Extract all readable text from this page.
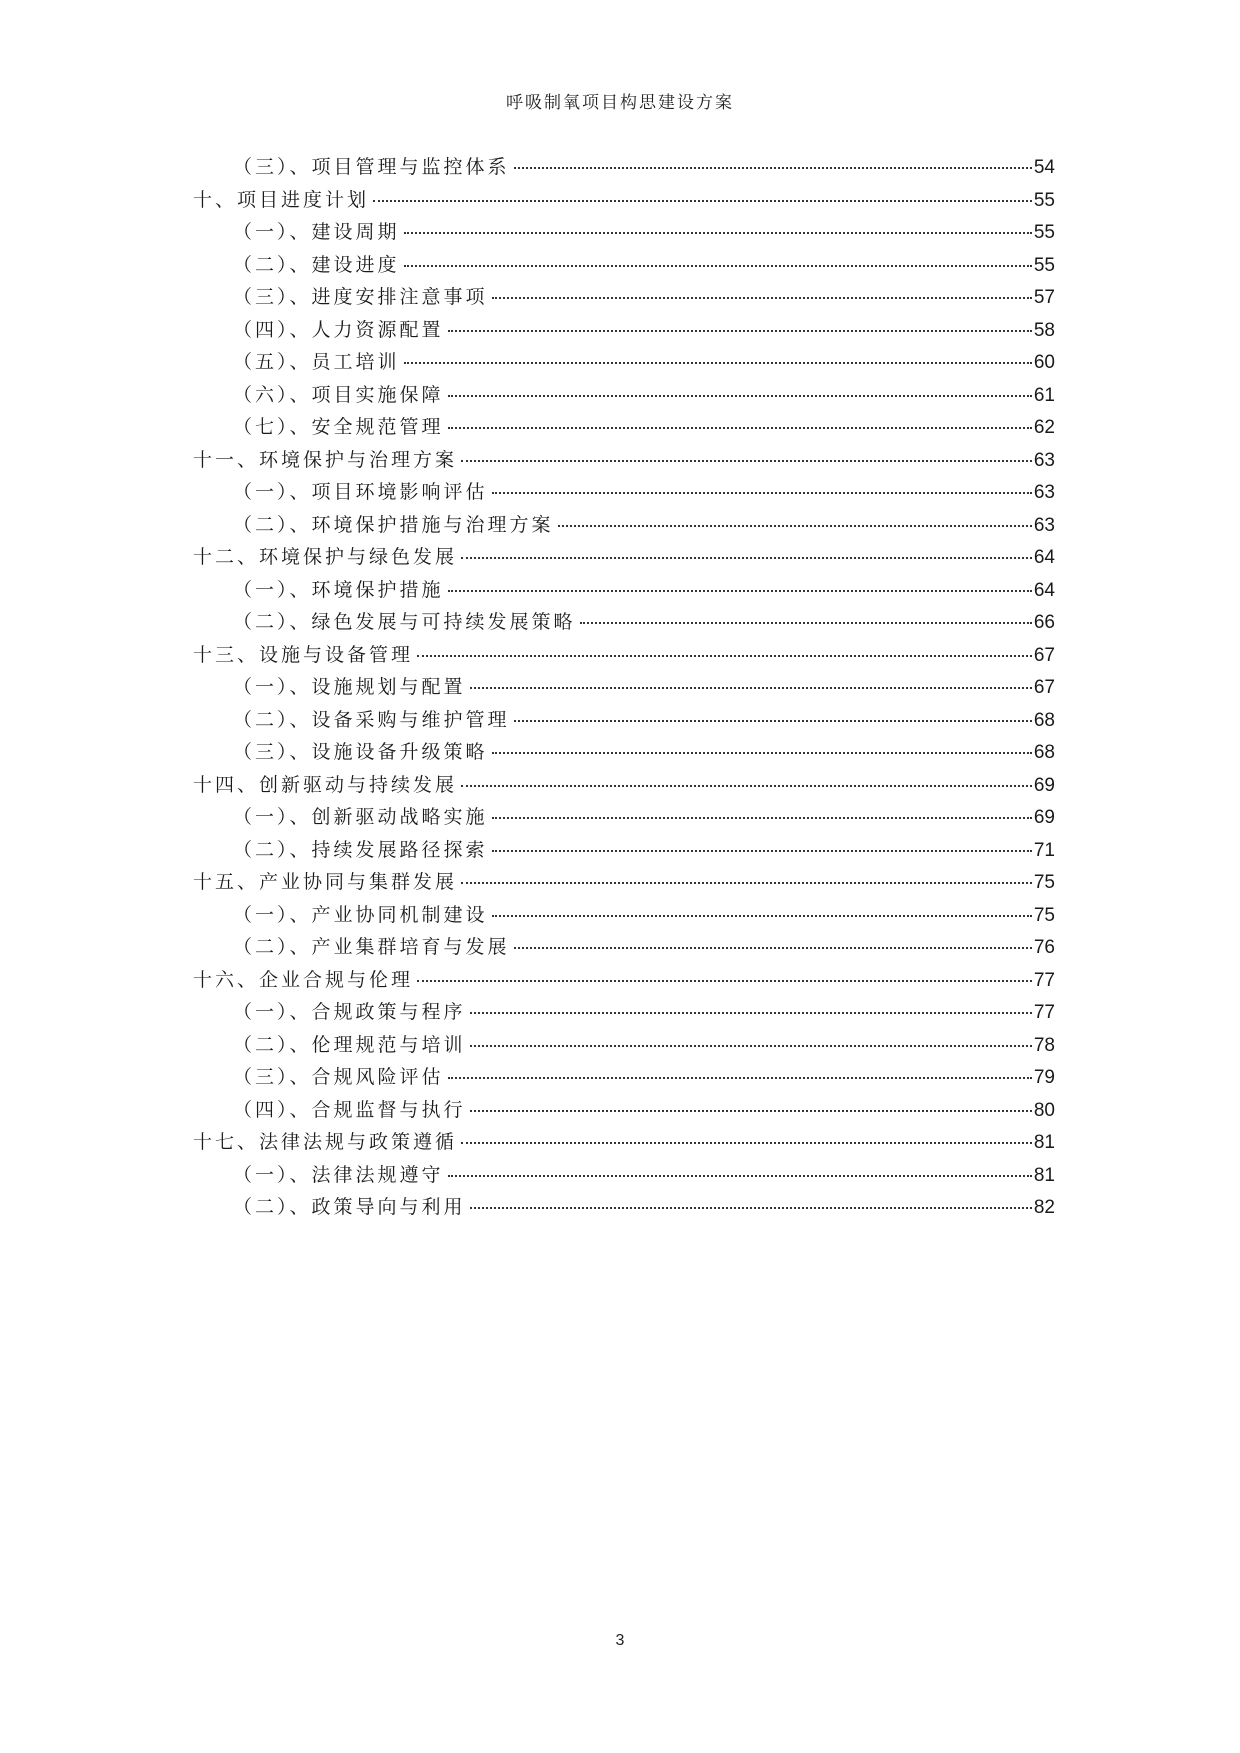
呼吸制氧项目构思建设方案
（三）、项目管理与监控体系	54
十、项目进度计划	55
（一）、建设周期	55
（二）、建设进度	55
（三）、进度安排注意事项	57
（四）、人力资源配置	58
（五）、员工培训	60
（六）、项目实施保障	61
（七）、安全规范管理	62
十一、环境保护与治理方案	63
（一）、项目环境影响评估	63
（二）、环境保护措施与治理方案	63
十二、环境保护与绿色发展	64
（一）、环境保护措施	64
（二）、绿色发展与可持续发展策略	66
十三、设施与设备管理	67
（一）、设施规划与配置	67
（二）、设备采购与维护管理	68
（三）、设施设备升级策略	68
十四、创新驱动与持续发展	69
（一）、创新驱动战略实施	69
（二）、持续发展路径探索	71
十五、产业协同与集群发展	75
（一）、产业协同机制建设	75
（二）、产业集群培育与发展	76
十六、企业合规与伦理	77
（一）、合规政策与程序	77
（二）、伦理规范与培训	78
（三）、合规风险评估	79
（四）、合规监督与执行	80
十七、法律法规与政策遵循	81
（一）、法律法规遵守	81
（二）、政策导向与利用	82
3
